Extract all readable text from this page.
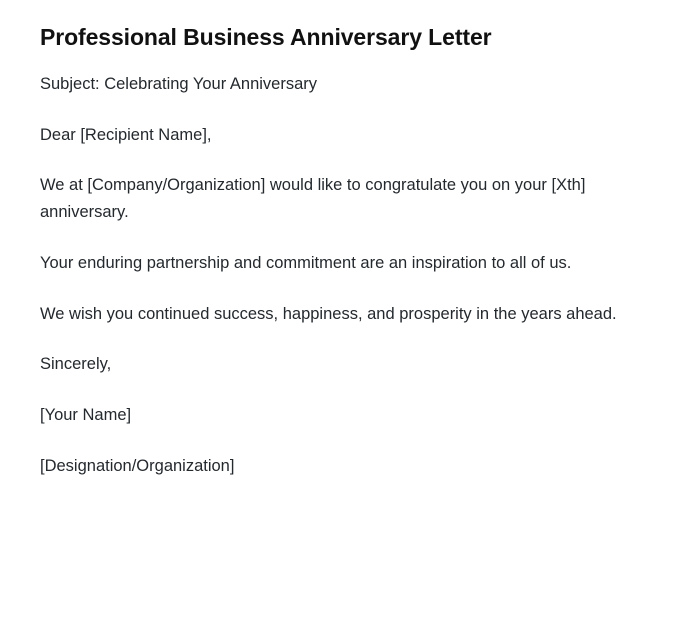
Professional Business Anniversary Letter

Subject: Celebrating Your Anniversary

Dear [Recipient Name],

We at [Company/Organization] would like to congratulate you on your [Xth] anniversary.

Your enduring partnership and commitment are an inspiration to all of us.

We wish you continued success, happiness, and prosperity in the years ahead.

Sincerely,

[Your Name]

[Designation/Organization]
